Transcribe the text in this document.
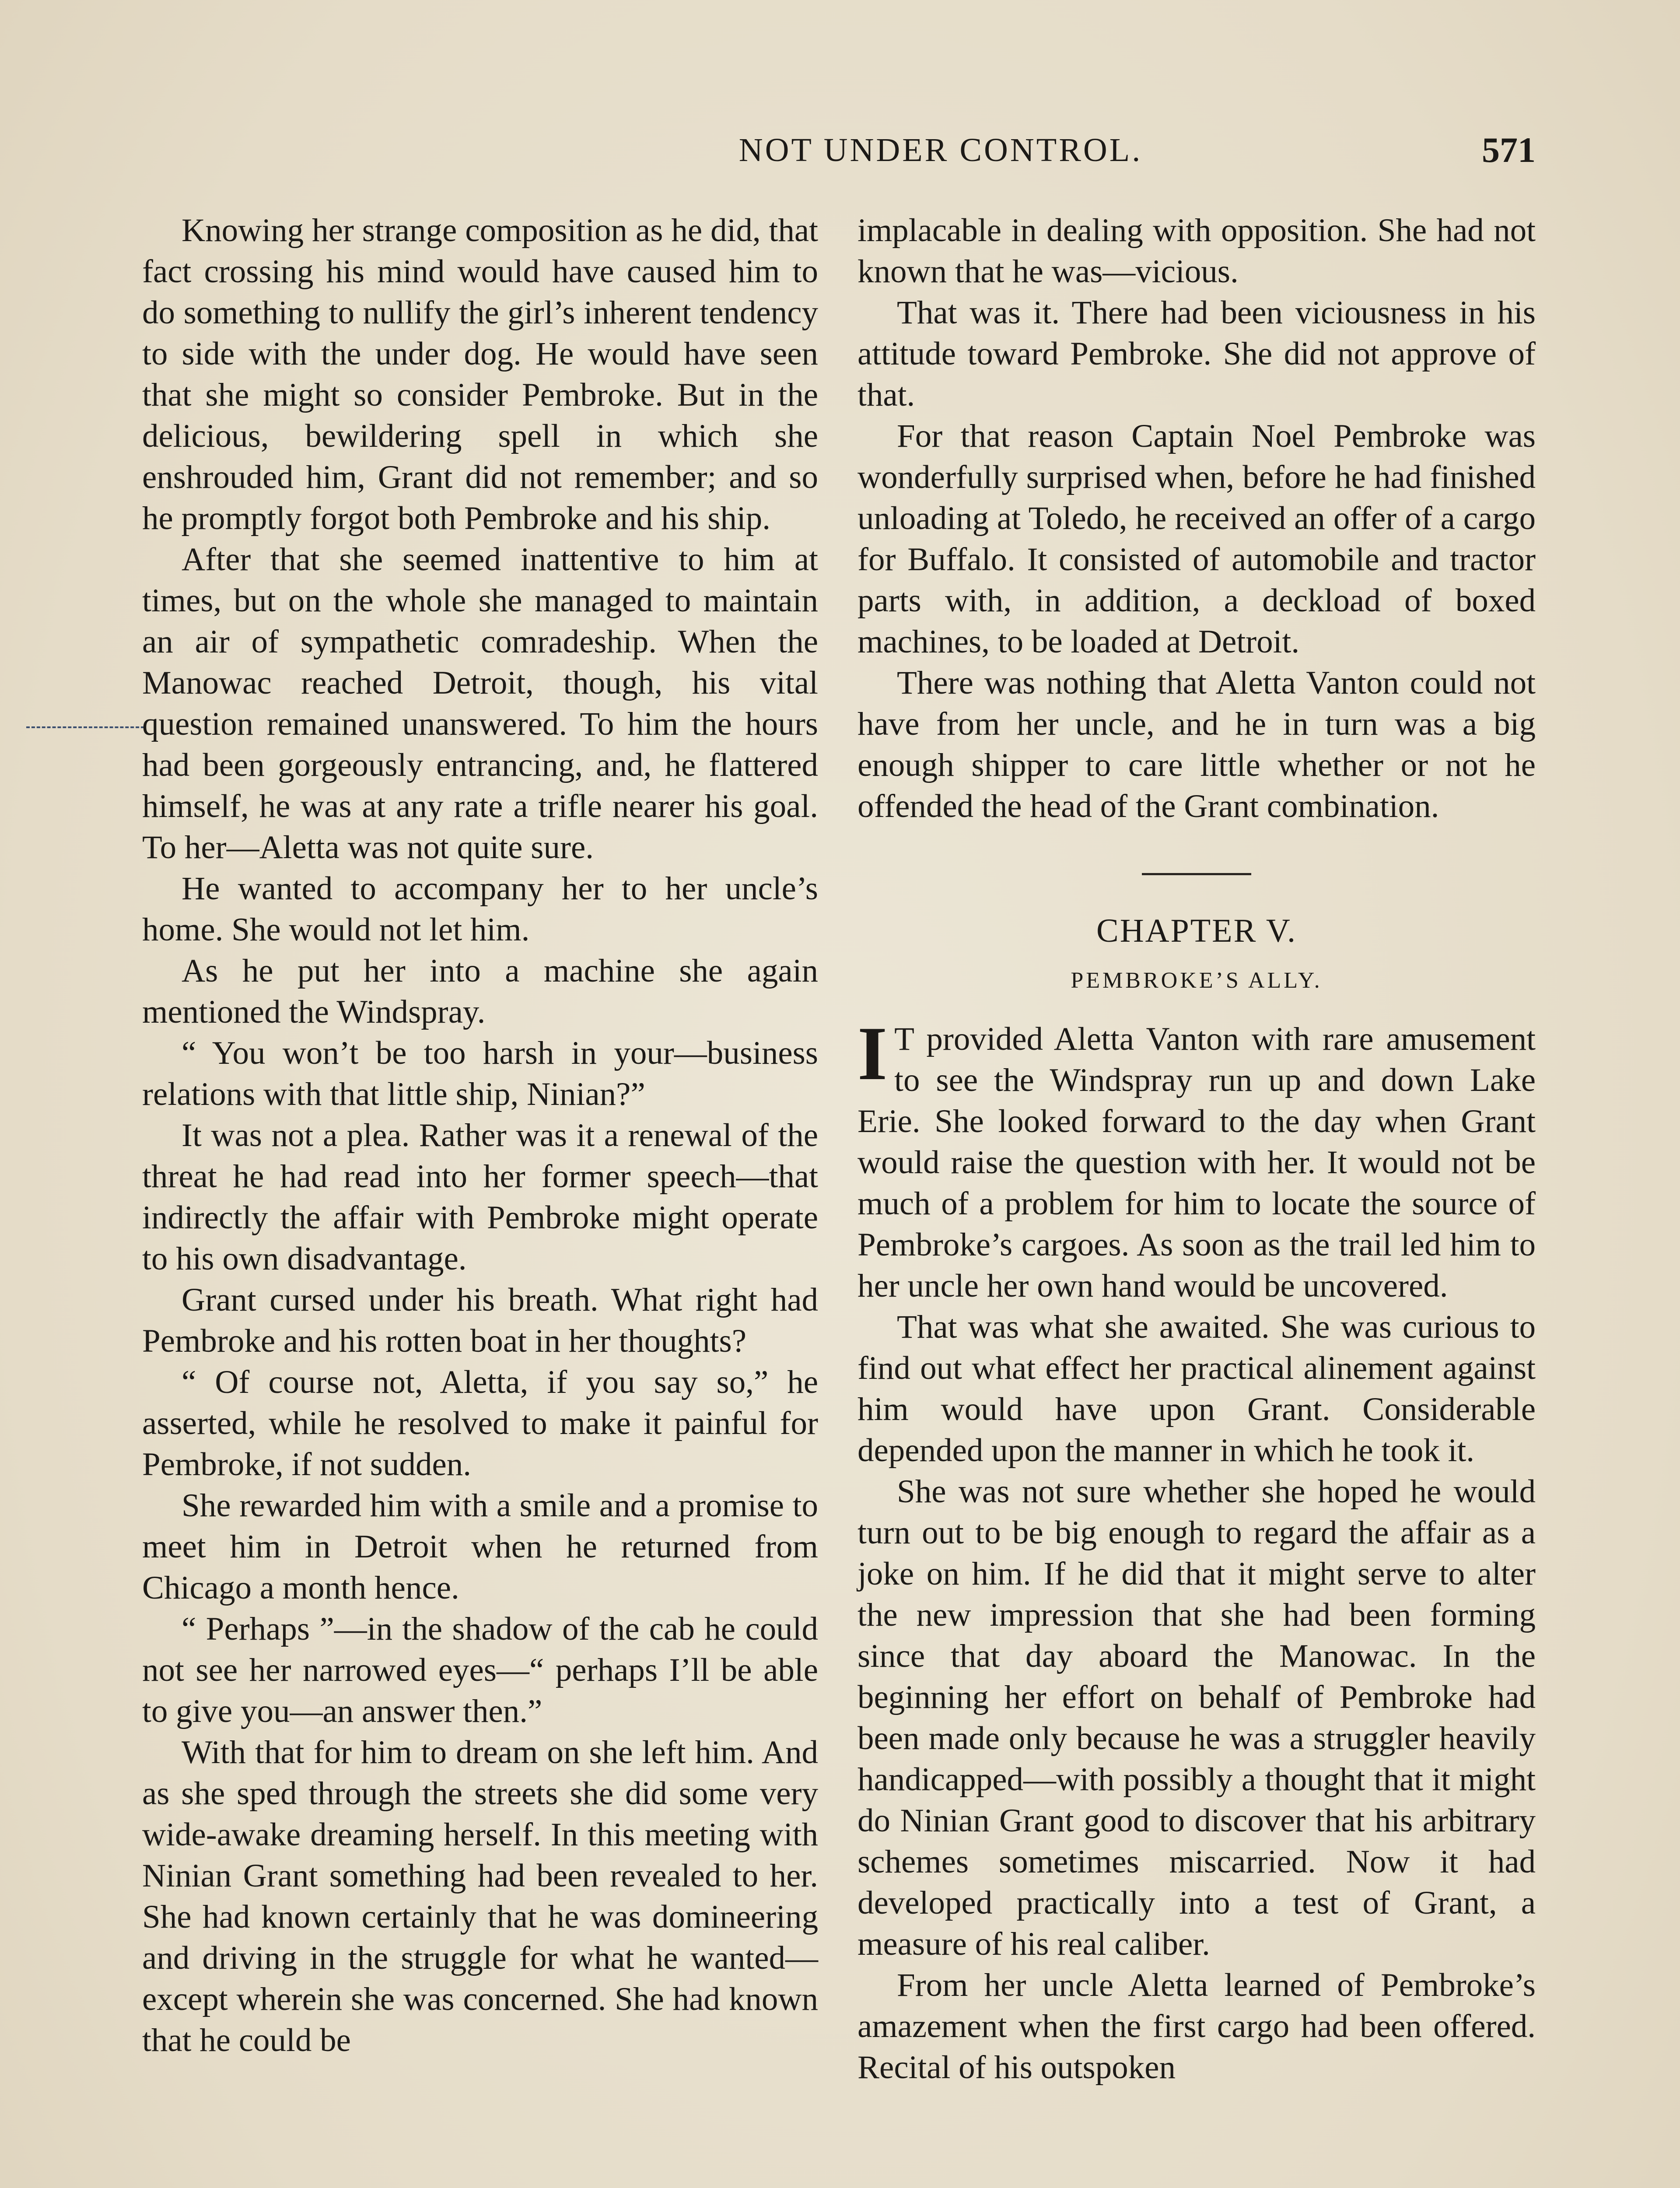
NOT UNDER CONTROL.	571

Knowing her strange composition as he did, that fact crossing his mind would have caused him to do something to nullify the girl’s inherent tendency to side with the under dog. He would have seen that she might so consider Pembroke. But in the delicious, bewildering spell in which she enshrouded him, Grant did not remember; and so he promptly forgot both Pembroke and his ship.

After that she seemed inattentive to him at times, but on the whole she managed to maintain an air of sympathetic comradeship. When the Manowac reached Detroit, though, his vital question remained unanswered. To him the hours had been gorgeously entrancing, and, he flattered himself, he was at any rate a trifle nearer his goal. To her—Aletta was not quite sure.

He wanted to accompany her to her uncle’s home. She would not let him.

As he put her into a machine she again mentioned the Windspray.

“ You won’t be too harsh in your—business relations with that little ship, Ninian?”

It was not a plea. Rather was it a renewal of the threat he had read into her former speech—that indirectly the affair with Pembroke might operate to his own disadvantage.

Grant cursed under his breath. What right had Pembroke and his rotten boat in her thoughts?

“ Of course not, Aletta, if you say so,” he asserted, while he resolved to make it painful for Pembroke, if not sudden.

She rewarded him with a smile and a promise to meet him in Detroit when he returned from Chicago a month hence.

“ Perhaps ”—in the shadow of the cab he could not see her narrowed eyes—“ perhaps I’ll be able to give you—an answer then.”

With that for him to dream on she left him. And as she sped through the streets she did some very wide-awake dreaming herself. In this meeting with Ninian Grant something had been revealed to her. She had known certainly that he was domineering and driving in the struggle for what he wanted—except wherein she was concerned. She had known that he could be

implacable in dealing with opposition. She had not known that he was—vicious.

That was it. There had been viciousness in his attitude toward Pembroke. She did not approve of that.

For that reason Captain Noel Pembroke was wonderfully surprised when, before he had finished unloading at Toledo, he received an offer of a cargo for Buffalo. It consisted of automobile and tractor parts with, in addition, a deckload of boxed machines, to be loaded at Detroit.

There was nothing that Aletta Vanton could not have from her uncle, and he in turn was a big enough shipper to care little whether or not he offended the head of the Grant combination.

CHAPTER V.
PEMBROKE’S ALLY.

I T provided Aletta Vanton with rare amusement to see the Windspray run up and down Lake Erie. She looked forward to the day when Grant would raise the question with her. It would not be much of a problem for him to locate the source of Pembroke’s cargoes. As soon as the trail led him to her uncle her own hand would be uncovered.

That was what she awaited. She was curious to find out what effect her practical alinement against him would have upon Grant. Considerable depended upon the manner in which he took it.

She was not sure whether she hoped he would turn out to be big enough to regard the affair as a joke on him. If he did that it might serve to alter the new impression that she had been forming since that day aboard the Manowac. In the beginning her effort on behalf of Pembroke had been made only because he was a struggler heavily handicapped—with possibly a thought that it might do Ninian Grant good to discover that his arbitrary schemes sometimes miscarried. Now it had developed practically into a test of Grant, a measure of his real caliber.

From her uncle Aletta learned of Pembroke’s amazement when the first cargo had been offered. Recital of his outspoken
